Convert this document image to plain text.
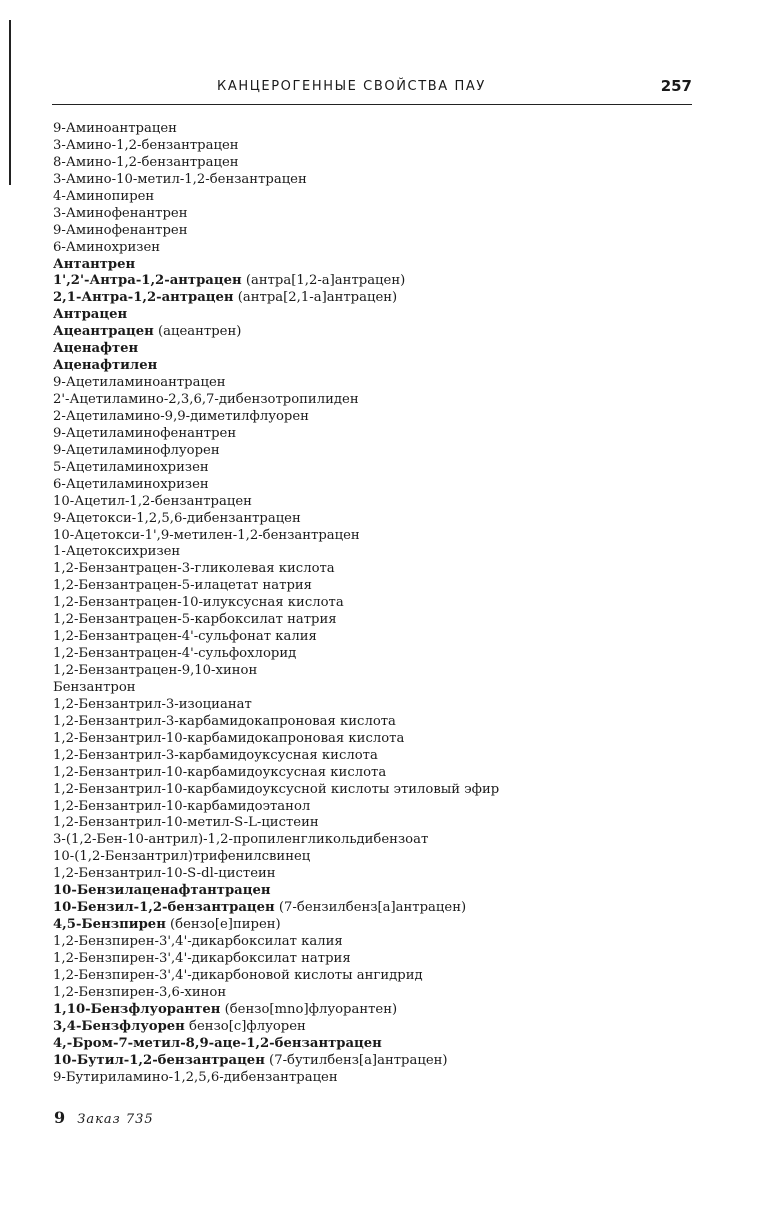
КАНЦЕРОГЕННЫЕ СВОЙСТВА ПАУ	257
9-Аминоантрацен
3-Амино-1,2-бензантрацен
8-Амино-1,2-бензантрацен
3-Амино-10-метил-1,2-бензантрацен
4-Аминопирен
3-Аминофенантрен
9-Аминофенантрен
6-Аминохризен
Антантрен
1',2'-Антра-1,2-антрацен (антра[1,2-a]антрацен)
2,1-Антра-1,2-антрацен (антра[2,1-a]антрацен)
Антрацен
Ацеантрацен (ацеантрен)
Аценафтен
Аценафтилен
9-Ацетиламиноантрацен
2'-Ацетиламино-2,3,6,7-дибензотропилиден
2-Ацетиламино-9,9-диметилфлуорен
9-Ацетиламинофенантрен
9-Ацетиламинофлуорен
5-Ацетиламинохризен
6-Ацетиламинохризен
10-Ацетил-1,2-бензантрацен
9-Ацетокси-1,2,5,6-дибензантрацен
10-Ацетокси-1',9-метилен-1,2-бензантрацен
1-Ацетоксихризен
1,2-Бензантрацен-3-гликолевая кислота
1,2-Бензантрацен-5-илацетат натрия
1,2-Бензантрацен-10-илуксусная кислота
1,2-Бензантрацен-5-карбоксилат натрия
1,2-Бензантрацен-4'-сульфонат калия
1,2-Бензантрацен-4'-сульфохлорид
1,2-Бензантрацен-9,10-хинон
Бензантрон
1,2-Бензантрил-3-изоцианат
1,2-Бензантрил-3-карбамидокапроновая кислота
1,2-Бензантрил-10-карбамидокапроновая кислота
1,2-Бензантрил-3-карбамидоуксусная кислота
1,2-Бензантрил-10-карбамидоуксусная кислота
1,2-Бензантрил-10-карбамидоуксусной кислоты этиловый эфир
1,2-Бензантрил-10-карбамидоэтанол
1,2-Бензантрил-10-метил-S-L-цистеин
3-(1,2-Бен-10-антрил)-1,2-пропиленгликольдибензоат
10-(1,2-Бензантрил)трифенилсвинец
1,2-Бензантрил-10-S-dl-цистеин
10-Бензилаценафтантрацен
10-Бензил-1,2-бензантрацен (7-бензилбенз[a]антрацен)
4,5-Бензпирен (бензо[e]пирен)
1,2-Бензпирен-3',4'-дикарбоксилат калия
1,2-Бензпирен-3',4'-дикарбоксилат натрия
1,2-Бензпирен-3',4'-дикарбоновой кислоты ангидрид
1,2-Бензпирен-3,6-хинон
1,10-Бензфлуорантен (бензо[mno]флуорантен)
3,4-Бензфлуорен бензо[c]флуорен
4,-Бром-7-метил-8,9-аце-1,2-бензантрацен
10-Бутил-1,2-бензантрацен (7-бутилбенз[a]антрацен)
9-Бутириламино-1,2,5,6-дибензантрацен
9 Заказ 735
